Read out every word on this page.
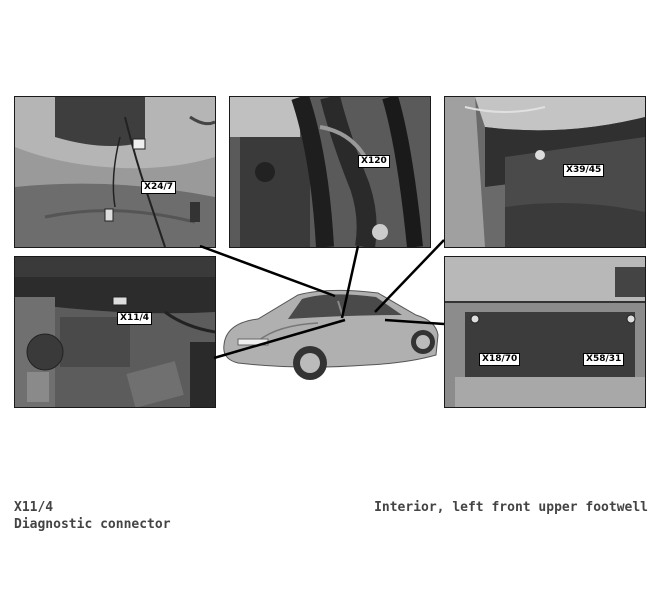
X24/7
X120
X39/45
X11/4
X18/70	X58/31
X11/4
Diagnostic connector
Interior, left front upper footwell
